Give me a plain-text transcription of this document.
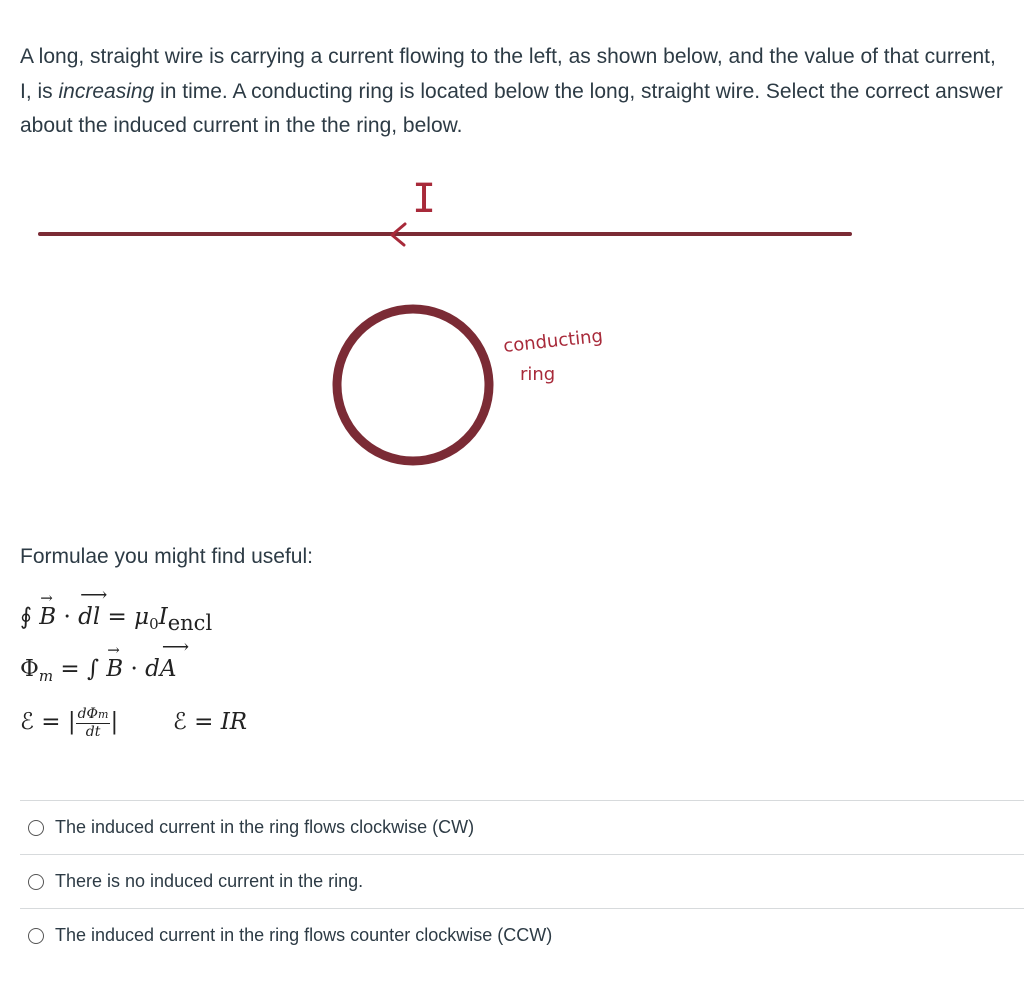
A long, straight wire is carrying a current flowing to the left, as shown below, and the value of that current, I, is increasing in time. A conducting ring is located below the long, straight wire. Select the correct answer about the induced current in the the ring, below.
I
conducting
ring
Formulae you might find useful:
∮ → B · ⟶ dl = $\mu_0Iencl$
$\Phi_m$ = ∫ → B · d⟶ A
ℰ = | $\frac{\text{dΦm}}{dt}$ | ℰ = IR
The induced current in the ring flows clockwise (CW)
There is no induced current in the ring.
The induced current in the ring flows counter clockwise (CCW)
